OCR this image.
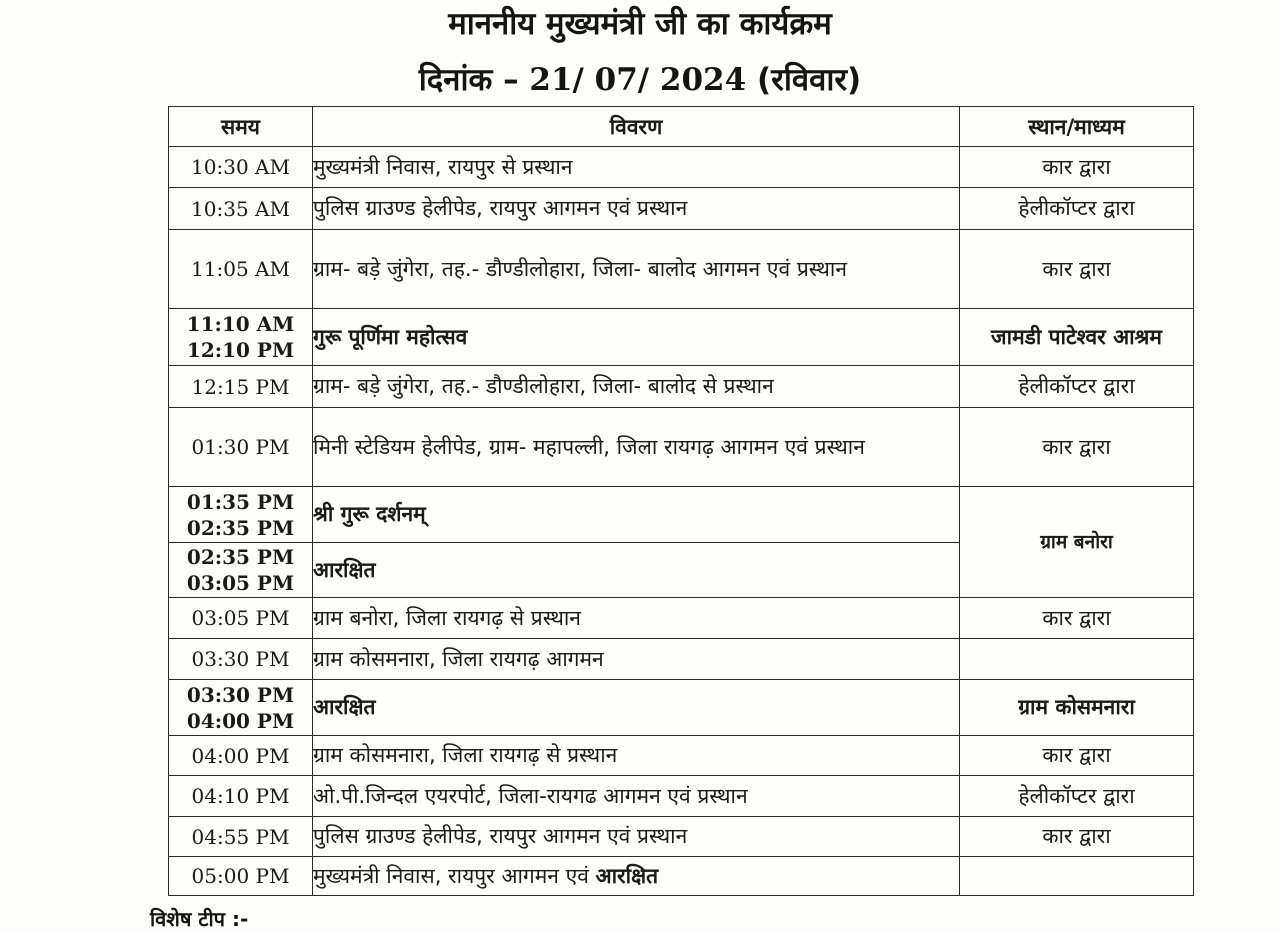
माननीय मुख्यमंत्री जी का कार्यक्रम
दिनांक – 21/ 07/ 2024 (रविवार)
समय	विवरण	स्थान/माध्यम
10:30 AM	मुख्यमंत्री निवास, रायपुर से प्रस्थान	कार द्वारा
10:35 AM	पुलिस ग्राउण्ड हेलीपेड, रायपुर आगमन एवं प्रस्थान	हेलीकॉप्टर द्वारा
11:05 AM	ग्राम- बड़े जुंगेरा, तह.- डौण्डीलोहारा, जिला- बालोद आगमन एवं प्रस्थान	कार द्वारा

11:10 AM
12:10 PM	गुरू पूर्णिमा महोत्सव	जामडी पाटेश्वर आश्रम
12:15 PM	ग्राम- बड़े जुंगेरा, तह.- डौण्डीलोहारा, जिला- बालोद से प्रस्थान	हेलीकॉप्टर द्वारा
01:30 PM	मिनी स्टेडियम हेलीपेड, ग्राम- महापल्ली, जिला रायगढ़ आगमन एवं प्रस्थान	कार द्वारा

01:35 PM
02:35 PM	श्री गुरू दर्शनम्	ग्राम बनोरा

02:35 PM
03:05 PM	आरक्षित	
03:05 PM	ग्राम बनोरा, जिला रायगढ़ से प्रस्थान	कार द्वारा
03:30 PM	ग्राम कोसमनारा, जिला रायगढ़ आगमन	

03:30 PM
04:00 PM	आरक्षित	ग्राम कोसमनारा
04:00 PM	ग्राम कोसमनारा, जिला रायगढ़ से प्रस्थान	कार द्वारा
04:10 PM	ओ.पी.जिन्दल एयरपोर्ट, जिला-रायगढ आगमन एवं प्रस्थान	हेलीकॉप्टर द्वारा
04:55 PM	पुलिस ग्राउण्ड हेलीपेड, रायपुर आगमन एवं प्रस्थान	कार द्वारा
05:00 PM	मुख्यमंत्री निवास, रायपुर आगमन एवं आरक्षित	
विशेष टीप :-
